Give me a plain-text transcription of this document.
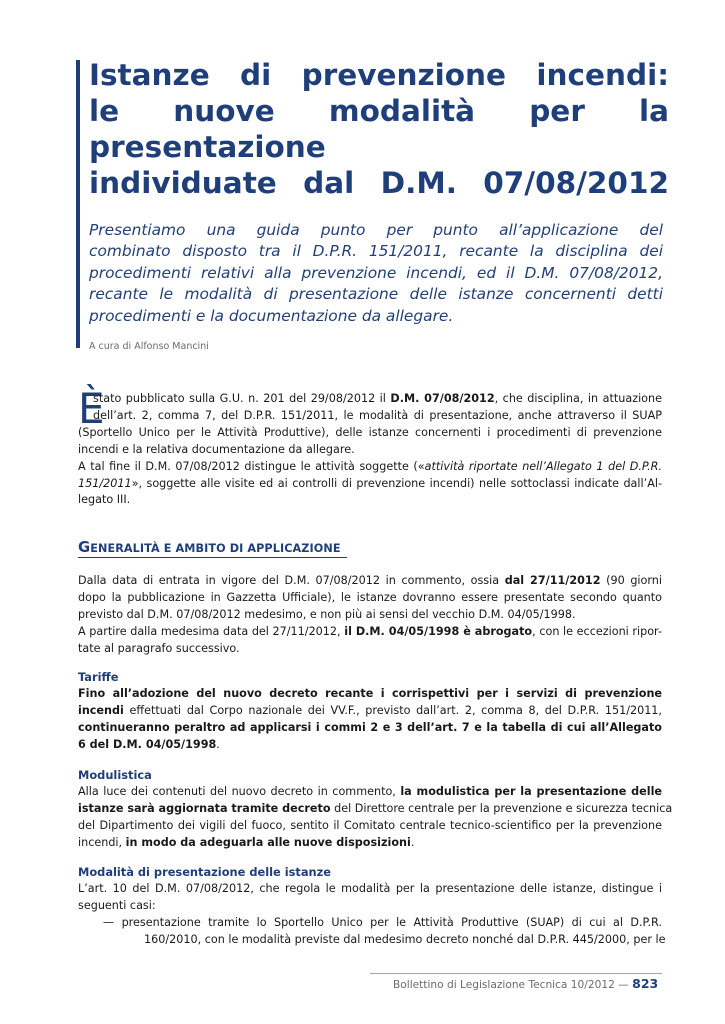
Istanze di prevenzione incendi:
le nuove modalità per la
presentazione
individuate dal D.M. 07/08/2012

Presentiamo una guida punto per punto all’applicazione del
combinato disposto tra il D.P.R. 151/2011, recante la disciplina dei
procedimenti relativi alla prevenzione incendi, ed il D.M. 07/08/2012,
recante le modalità di presentazione delle istanze concernenti detti
procedimenti e la documentazione da allegare.

A cura di Alfonso Mancini

È
stato pubblicato sulla G.U. n. 201 del 29/08/2012 il D.M. 07/08/2012, che disciplina, in attuazione
dell’art. 2, comma 7, del D.P.R. 151/2011, le modalità di presentazione, anche attraverso il SUAP
(Sportello Unico per le Attività Produttive), delle istanze concernenti i procedimenti di prevenzione
incendi e la relativa documentazione da allegare.
A tal fine il D.M. 07/08/2012 distingue le attività soggette («attività riportate nell’Allegato 1 del D.P.R.
151/2011», soggette alle visite ed ai controlli di prevenzione incendi) nelle sottoclassi indicate dall’Al-
legato III.
GENERALITÀ E AMBITO DI APPLICAZIONE
Dalla data di entrata in vigore del D.M. 07/08/2012 in commento, ossia dal 27/11/2012 (90 giorni
dopo la pubblicazione in Gazzetta Ufficiale), le istanze dovranno essere presentate secondo quanto
previsto dal D.M. 07/08/2012 medesimo, e non più ai sensi del vecchio D.M. 04/05/1998.
A partire dalla medesima data del 27/11/2012, il D.M. 04/05/1998 è abrogato, con le eccezioni ripor-
tate al paragrafo successivo.
Tariffe
Fino all’adozione del nuovo decreto recante i corrispettivi per i servizi di prevenzione
incendi effettuati dal Corpo nazionale dei VV.F., previsto dall’art. 2, comma 8, del D.P.R. 151/2011,
continueranno peraltro ad applicarsi i commi 2 e 3 dell’art. 7 e la tabella di cui all’Allegato
6 del D.M. 04/05/1998.
Modulistica
Alla luce dei contenuti del nuovo decreto in commento, la modulistica per la presentazione delle
istanze sarà aggiornata tramite decreto del Direttore centrale per la prevenzione e sicurezza tecnica
del Dipartimento dei vigili del fuoco, sentito il Comitato centrale tecnico-scientifico per la prevenzione
incendi, in modo da adeguarla alle nuove disposizioni.
Modalità di presentazione delle istanze
L’art. 10 del D.M. 07/08/2012, che regola le modalità per la presentazione delle istanze, distingue i
seguenti casi:
— presentazione tramite lo Sportello Unico per le Attività Produttive (SUAP) di cui al D.P.R.
160/2010, con le modalità previste dal medesimo decreto nonché dal D.P.R. 445/2000, per le
Bollettino di Legislazione Tecnica 10/2012 — 823
